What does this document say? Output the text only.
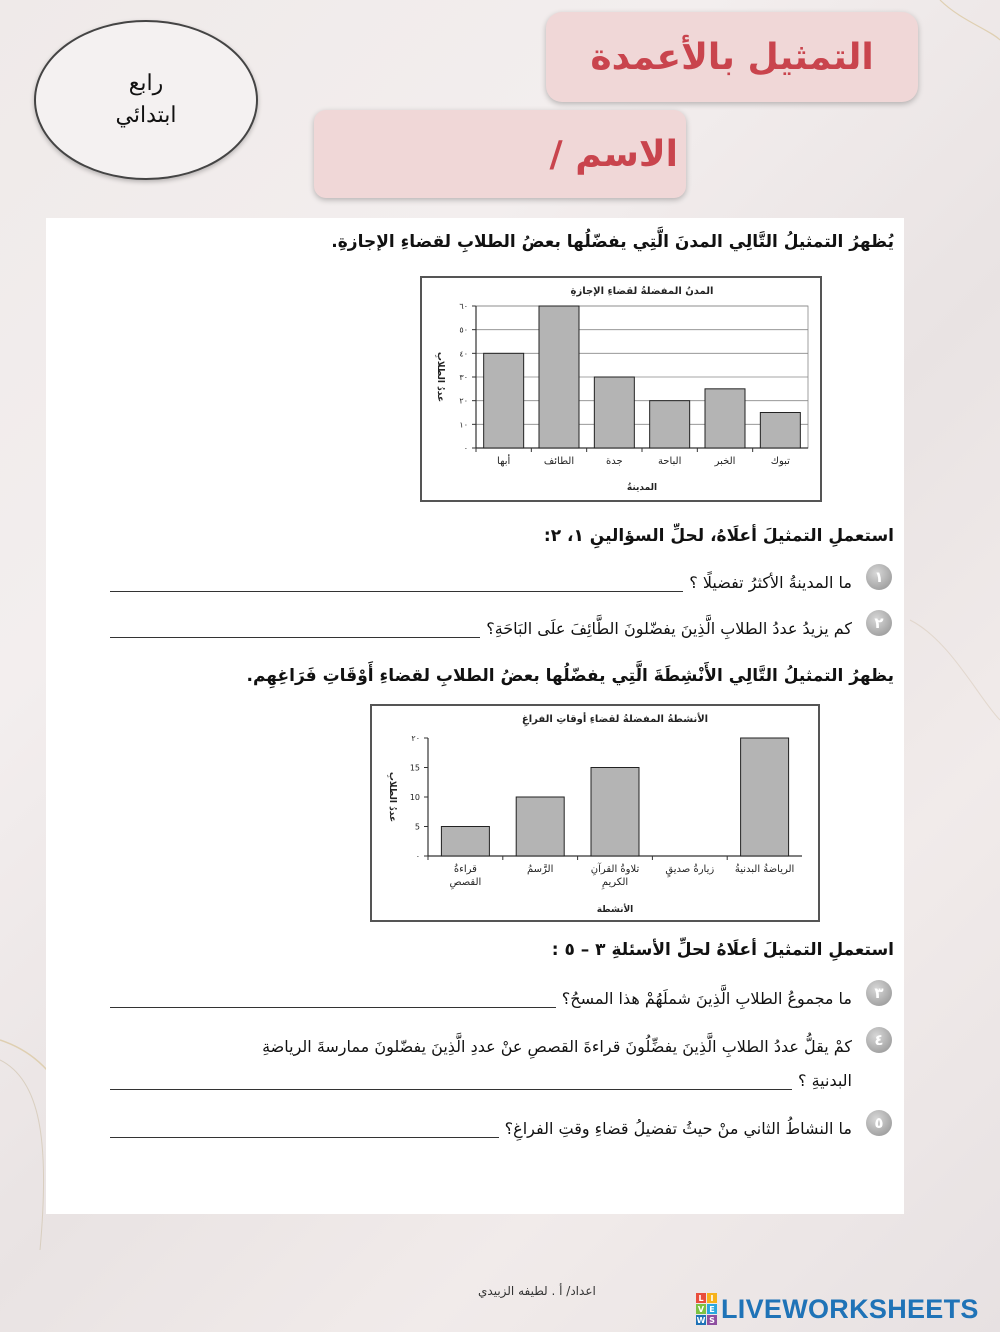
التمثيل بالأعمدة
الاسم /
رابع
ابتدائي
يُظهرُ التمثيلُ التَّالِي المدنَ الَّتِي يفضّلُها بعضُ الطلابِ لقضاءِ الإجازةِ.
المدنُ المفضلةُ لقضاءِ الإجازةِ
٠
١٠
٢٠
٣٠
٤٠
٥٠
٦٠
أبها	الطائف	جدة	الباحة	الخبر	تبوك
المدينةُ
عددُ الطلابِ
استعملِ التمثيلَ أعلَاهُ، لحلِّ السؤالينِ ١، ٢:
١
ما المدينةُ الأكثرُ تفضيلًا ؟
٢
كم يزيدُ عددُ الطلابِ الَّذِينَ يفضّلونَ الطَّائِفَ علَى البَاحَةِ؟
يظهرُ التمثيلُ التَّالِي الأَنْشِطَةَ الَّتِي يفضّلُها بعضُ الطلابِ لقضاءِ أَوْقَاتِ فَرَاغِهِم.
الأنشطةُ المفضلةُ لقضاءِ أوقاتِ الفراغِ
٠
5
10
15
٢٠
قراءةُ
القصصِ
الرَّسمُ	تلاوةُ القرآنِ
الكريمِ
زيارةُ صديقٍ الرياضةُ البدنيةُ
الأنشطة
عددُ الطلابِ
استعملِ التمثيلَ أعلَاهُ لحلِّ الأسئلةِ ٣ – ٥ :
٣
ما مجموعُ الطلابِ الَّذِينَ شملَهُمْ هذا المسحُ؟
٤
كمْ يقلُّ عددُ الطلابِ الَّذِينَ يفضِّلُونَ قراءةَ القصصِ عنْ عددِ الَّذِينَ يفضّلونَ ممارسةَ الرياضةِ
البدنيةِ ؟
٥
ما النشاطُ الثاني منْ حيثُ تفضيلُ قضاءِ وقتِ الفراغِ؟
اعداد/ أ . لطيفه الزبيدي	L I
V E
W S LIVEWORKSHEETS
